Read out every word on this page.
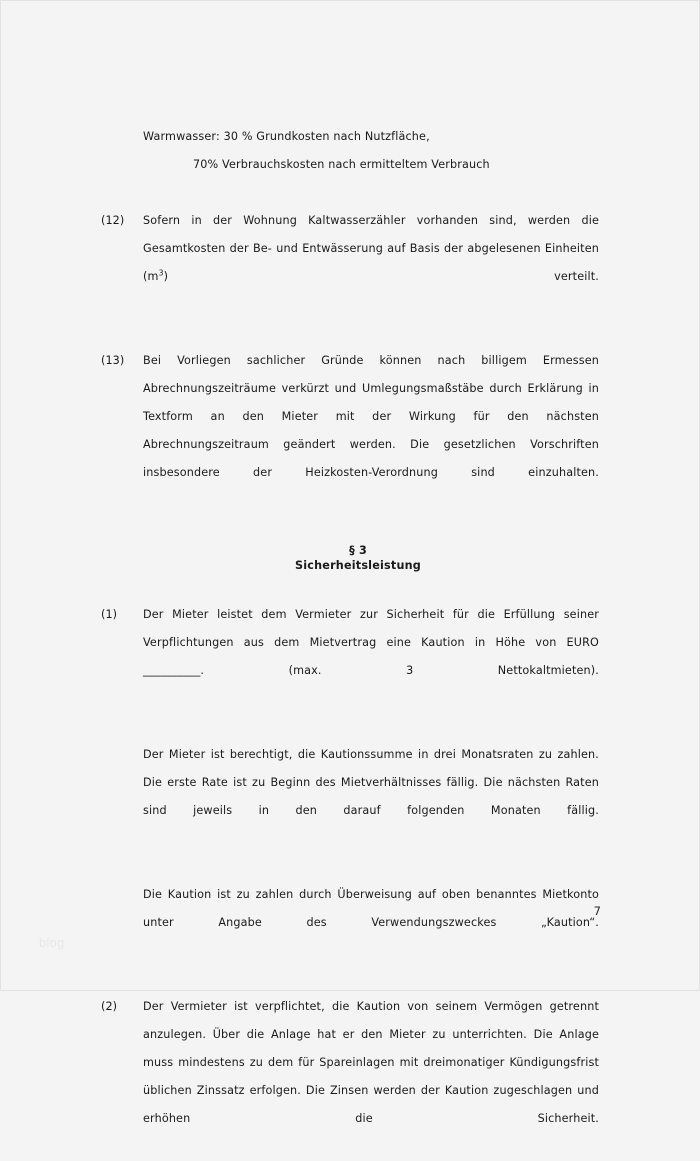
Warmwasser: 30 % Grundkosten nach Nutzfläche,
70% Verbrauchskosten nach ermitteltem Verbrauch
(12)	Sofern in der Wohnung Kaltwasserzähler vorhanden sind, werden die Gesamtkosten der Be- und Entwässerung auf Basis der abgelesenen Einheiten $(m^3)$ verteilt.
(13)	Bei Vorliegen sachlicher Gründe können nach billigem Ermessen Abrechnungszeiträume verkürzt und Umlegungsmaßstäbe durch Erklärung in Textform an den Mieter mit der Wirkung für den nächsten Abrechnungszeitraum geändert werden. Die gesetzlichen Vorschriften insbesondere der Heizkosten-Verordnung sind einzuhalten.
§ 3
Sicherheitsleistung
(1)	Der Mieter leistet dem Vermieter zur Sicherheit für die Erfüllung seiner Verpflichtungen aus dem Mietvertrag eine Kaution in Höhe von EURO __________. (max. 3 Nettokaltmieten).
Der Mieter ist berechtigt, die Kautionssumme in drei Monatsraten zu zahlen. Die erste Rate ist zu Beginn des Mietverhältnisses fällig. Die nächsten Raten sind jeweils in den darauf folgenden Monaten fällig.
Die Kaution ist zu zahlen durch Überweisung auf oben benanntes Mietkonto unter Angabe des Verwendungszweckes „Kaution“.
(2)	Der Vermieter ist verpflichtet, die Kaution von seinem Vermögen getrennt anzulegen. Über die Anlage hat er den Mieter zu unterrichten. Die Anlage muss mindestens zu dem für Spareinlagen mit dreimonatiger Kündigungsfrist üblichen Zinssatz erfolgen. Die Zinsen werden der Kaution zugeschlagen und erhöhen die Sicherheit.
7
blog
